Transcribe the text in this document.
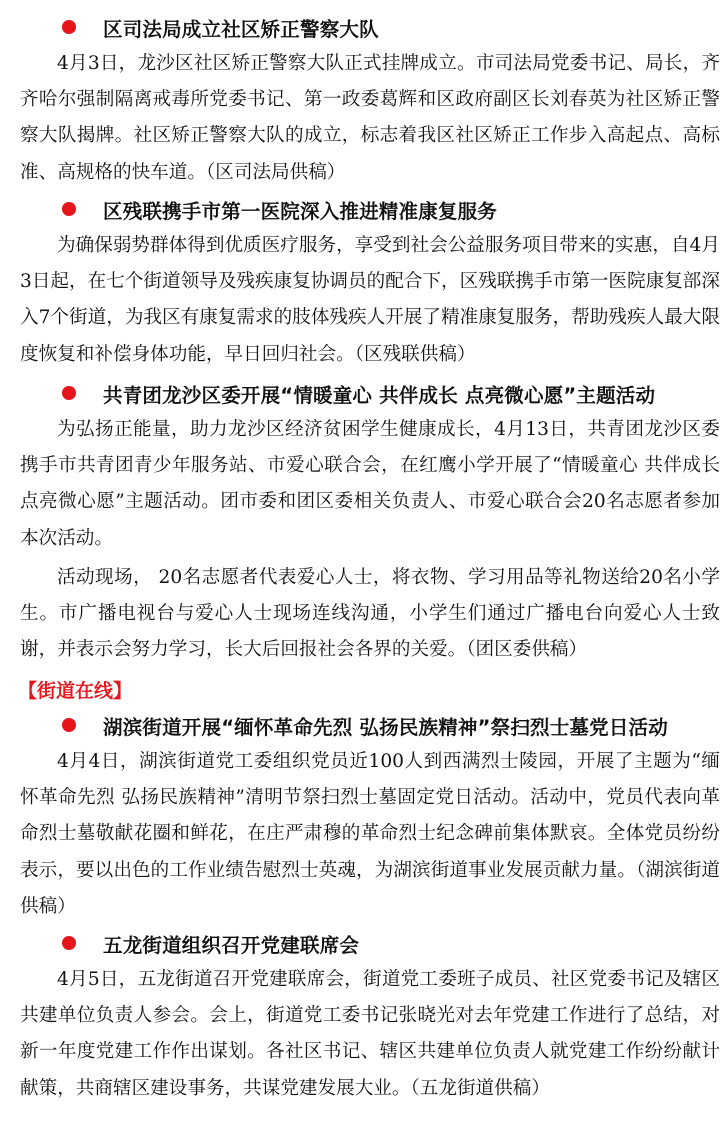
区司法局成立社区矫正警察大队

4月3日，龙沙区社区矫正警察大队正式挂牌成立。市司法局党委书记、局长，齐齐哈尔强制隔离戒毒所党委书记、第一政委葛辉和区政府副区长刘春英为社区矫正警察大队揭牌。社区矫正警察大队的成立，标志着我区社区矫正工作步入高起点、高标准、高规格的快车道。（区司法局供稿）

区残联携手市第一医院深入推进精准康复服务

为确保弱势群体得到优质医疗服务，享受到社会公益服务项目带来的实惠，自4月3日起，在七个街道领导及残疾康复协调员的配合下，区残联携手市第一医院康复部深入7个街道，为我区有康复需求的肢体残疾人开展了精准康复服务，帮助残疾人最大限度恢复和补偿身体功能，早日回归社会。（区残联供稿）

共青团龙沙区委开展“情暖童心 共伴成长 点亮微心愿”主题活动

为弘扬正能量，助力龙沙区经济贫困学生健康成长，4月13日，共青团龙沙区委携手市共青团青少年服务站、市爱心联合会，在红鹰小学开展了“情暖童心 共伴成长 点亮微心愿”主题活动。团市委和团区委相关负责人、市爱心联合会20名志愿者参加本次活动。

活动现场， 20名志愿者代表爱心人士，将衣物、学习用品等礼物送给20名小学生。市广播电视台与爱心人士现场连线沟通，小学生们通过广播电台向爱心人士致谢，并表示会努力学习，长大后回报社会各界的关爱。（团区委供稿）

【街道在线】
湖滨街道开展“缅怀革命先烈 弘扬民族精神”祭扫烈士墓党日活动

4月4日，湖滨街道党工委组织党员近100人到西满烈士陵园，开展了主题为“缅怀革命先烈 弘扬民族精神”清明节祭扫烈士墓固定党日活动。活动中，党员代表向革命烈士墓敬献花圈和鲜花，在庄严肃穆的革命烈士纪念碑前集体默哀。全体党员纷纷表示，要以出色的工作业绩告慰烈士英魂，为湖滨街道事业发展贡献力量。（湖滨街道供稿）

五龙街道组织召开党建联席会

4月5日，五龙街道召开党建联席会，街道党工委班子成员、社区党委书记及辖区共建单位负责人参会。会上，街道党工委书记张晓光对去年党建工作进行了总结，对新一年度党建工作作出谋划。各社区书记、辖区共建单位负责人就党建工作纷纷献计献策，共商辖区建设事务，共谋党建发展大业。（五龙街道供稿）
